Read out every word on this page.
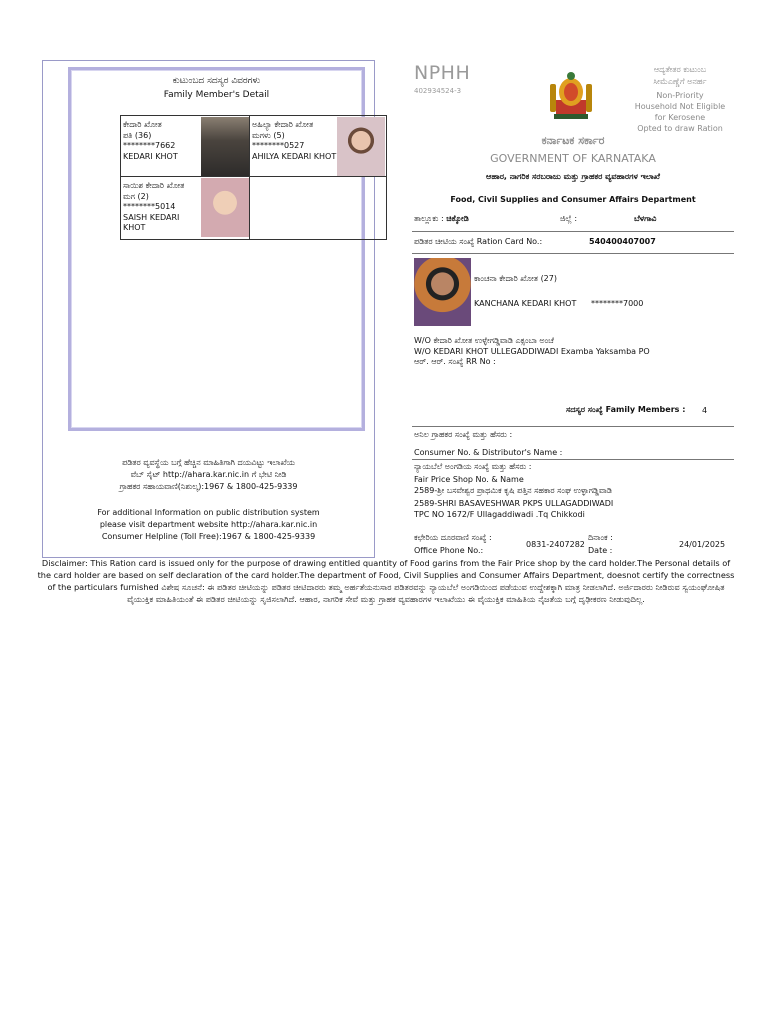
ಕುಟುಂಬದ ಸದಸ್ಯರ ವಿವರಗಳು
Family Member's Detail
ಕೇದಾರಿ ಖೋತ
ಪತಿ (36)
********7662
KEDARI KHOT
ಅಹಿಲ್ಯಾ ಕೇದಾರಿ ಖೋತ
ಮಗಳು (5)
********0527
AHILYA KEDARI KHOT
ಸಾಯಿಶ ಕೇದಾರಿ ಖೋತ
ಮಗ (2)
********5014
SAISH KEDARI KHOT
ಪಡಿತರ ವ್ಯವಸ್ಥೆಯ ಬಗ್ಗೆ ಹೆಚ್ಚಿನ ಮಾಹಿತಿಗಾಗಿ ದಯವಿಟ್ಟು ಇಲಾಖೆಯ
ವೆಬ್ ಸೈಟ್ http://ahara.kar.nic.in ಗೆ ಭೇಟಿ ನೀಡಿ
ಗ್ರಾಹಕರ ಸಹಾಯವಾಣಿ(ನಿಶುಲ್ಕ):1967 & 1800-425-9339
For additional Information on public distribution system
please visit department website http://ahara.kar.nic.in
Consumer Helpline (Toll Free):1967 & 1800-425-9339
NPHH
402934524-3
ಆದ್ಯತೇತರ ಕುಟುಂಬ
ಸೀಮೆಎಣ್ಣೆಗೆ ಅನರ್ಹ
Non-Priority
Household Not Eligible
for Kerosene
Opted to draw Ration
ಕರ್ನಾಟಕ ಸರ್ಕಾರ
GOVERNMENT OF KARNATAKA
ಆಹಾರ, ನಾಗರಿಕ ಸರಬರಾಜು ಮತ್ತು ಗ್ರಾಹಕರ ವ್ಯವಹಾರಗಳ ಇಲಾಖೆ
Food, Civil Supplies and Consumer Affairs Department
ತಾಲ್ಲೂಕು : ಚಿಕ್ಕೋಡಿ	ಜಿಲ್ಲೆ :	ಬೆಳಗಾವಿ
ಪಡಿತರ ಚೀಟಿಯ ಸಂಖ್ಯೆ Ration Card No.:	540400407007
ಕಾಂಚನಾ ಕೇದಾರಿ ಖೋತ (27)
KANCHANA KEDARI KHOT ********7000
W/O ಕೇದಾರಿ ಖೋತ ಉಳ್ಳೇಗಡ್ಡಿವಾಡಿ ಎಕ್ಸಂಬಾ ಅಂಚೆ
W/O KEDARI KHOT ULLEGADDIWADI Examba Yaksamba PO
ಆರ್. ಆರ್. ಸಂಖ್ಯೆ RR No :
ಸದಸ್ಯರ ಸಂಖ್ಯೆ Family Members : 4
ಅನಿಲ ಗ್ರಾಹಕರ ಸಂಖ್ಯೆ ಮತ್ತು ಹೆಸರು :
Consumer No. & Distributor's Name :
ನ್ಯಾಯಬೆಲೆ ಅಂಗಡಿಯ ಸಂಖ್ಯೆ ಮತ್ತು ಹೆಸರು :
Fair Price Shop No. & Name
2589-ಶ್ರೀ ಬಸವೇಶ್ವರ ಪ್ರಾಥಮಿಕ ಕೃಷಿ ಪತ್ತಿನ ಸಹಕಾರ ಸಂಘ ಉಳ್ಳಾಗಡ್ಡಿವಾಡಿ
2589-SHRI BASAVESHWAR PKPS ULLAGADDIWADI
TPC NO 1672/F Ullagaddiwadi .Tq Chikkodi
ಕಛೇರಿಯ ದೂರವಾಣಿ ಸಂಖ್ಯೆ :
Office Phone No.:
0831-2407282
ದಿನಾಂಕ :
Date :
24/01/2025
Disclaimer: This Ration card is issued only for the purpose of drawing entitled quantity of Food garins from the Fair Price shop by the card holder.The Personal details of the card holder are based on self declaration of the card holder.The department of Food, Civil Supplies and Consumer Affairs Department, doesnot certify the correctness of the particulars furnished ವಿಶೇಷ ಸೂಚನೆ: ಈ ಪಡಿತರ ಚೀಟಿಯನ್ನು ಪಡಿತರ ಚೀಟಿದಾರರು ತಮ್ಮ ಅರ್ಹತೆಯನುಸಾರ ಪಡಿತರವನ್ನು ನ್ಯಾಯಬೆಲೆ ಅಂಗಡಿಯಿಂದ ಪಡೆಯುವ ಉದ್ದೇಶಕ್ಕಾಗಿ ಮಾತ್ರ ನೀಡಲಾಗಿದೆ. ಅರ್ಜಿದಾರರು ನೀಡಿರುವ ಸ್ವಯಂಘೋಷಿತ ವೈಯುಕ್ತಿಕ ಮಾಹಿತಿಯಂತೆ ಈ ಪಡಿತರ ಚೀಟಿಯನ್ನು ಸೃಜಿಸಲಾಗಿದೆ. ಆಹಾರ, ನಾಗರಿಕ ಸೇವೆ ಮತ್ತು ಗ್ರಾಹಕ ವ್ಯವಹಾರಗಳ ಇಲಾಖೆಯು ಈ ವೈಯುಕ್ತಿಕ ಮಾಹಿತಿಯ ನೈಜತೆಯ ಬಗ್ಗೆ ದೃಢೀಕರಣ ನೀಡುವುದಿಲ್ಲ.
